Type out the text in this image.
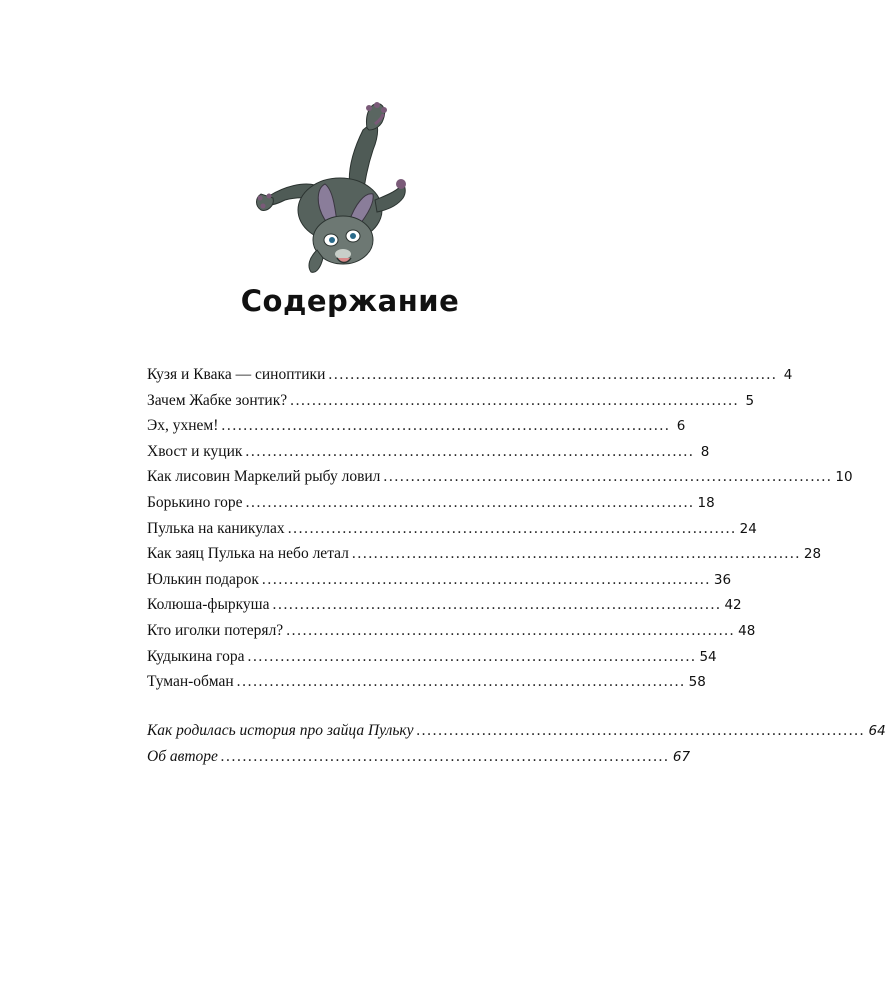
Содержание
Кузя и Квака — синоптики .................................................................................. 4
Зачем Жабке зонтик? .................................................................................. 5
Эх, ухнем! .................................................................................. 6
Хвост и куцик .................................................................................. 8
Как лисовин Маркелий рыбу ловил .................................................................................. 10
Борькино горе .................................................................................. 18
Пулька на каникулах .................................................................................. 24
Как заяц Пулька на небо летал .................................................................................. 28
Юлькин подарок .................................................................................. 36
Колюша-фыркуша .................................................................................. 42
Кто иголки потерял? .................................................................................. 48
Кудыкина гора .................................................................................. 54
Туман-обман .................................................................................. 58
Как родилась история про зайца Пульку .................................................................................. 64
Об авторе .................................................................................. 67
